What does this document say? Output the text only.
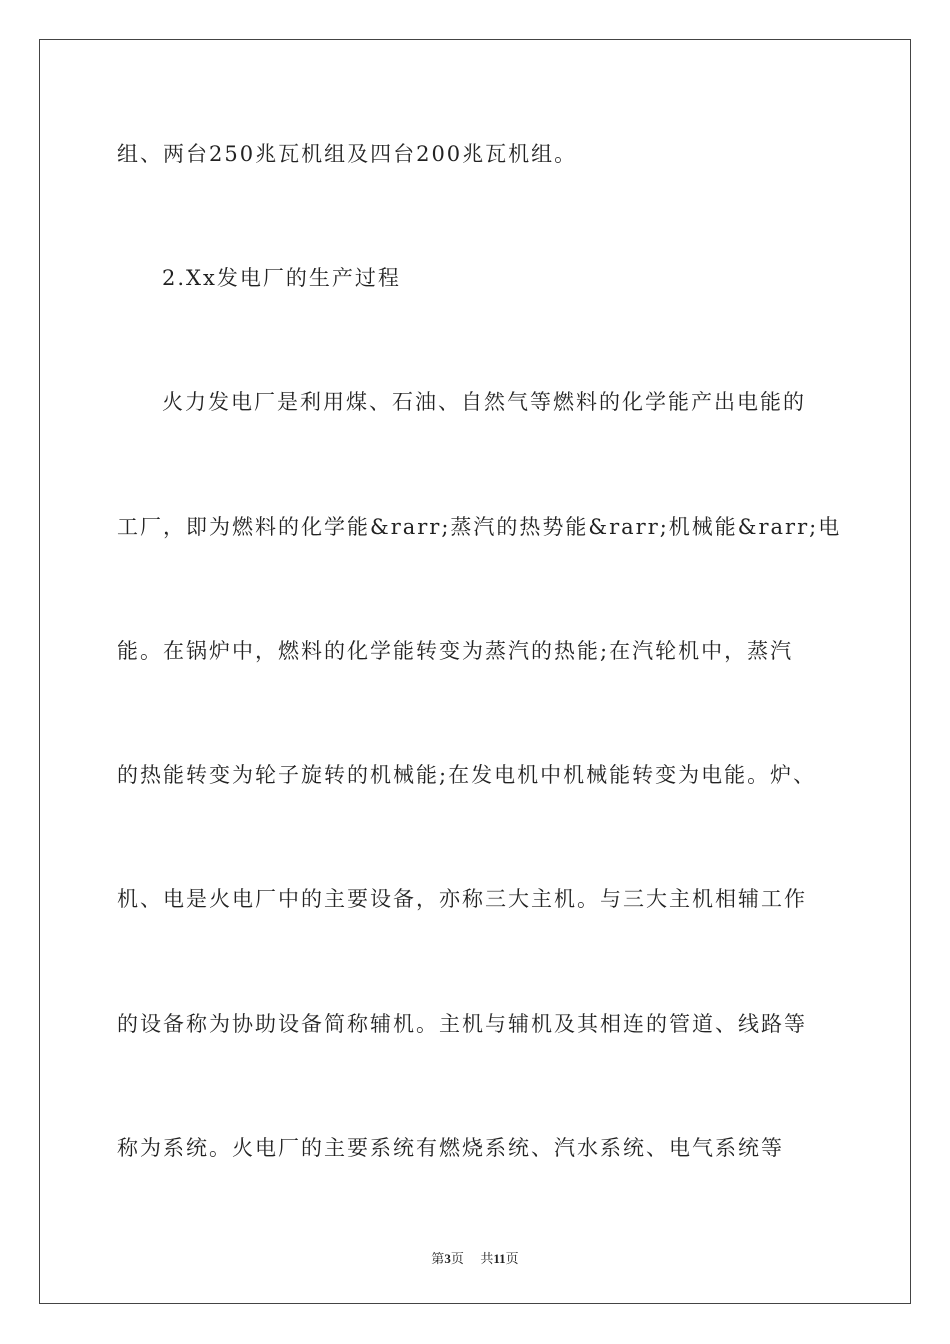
组、两台250兆瓦机组及四台200兆瓦机组。
2.Xx发电厂的生产过程
火力发电厂是利用煤、石油、自然气等燃料的化学能产出电能的
工厂，即为燃料的化学能&rarr;蒸汽的热势能&rarr;机械能&rarr;电
能。在锅炉中，燃料的化学能转变为蒸汽的热能;在汽轮机中，蒸汽
的热能转变为轮子旋转的机械能;在发电机中机械能转变为电能。炉、
机、电是火电厂中的主要设备，亦称三大主机。与三大主机相辅工作
的设备称为协助设备简称辅机。主机与辅机及其相连的管道、线路等
称为系统。火电厂的主要系统有燃烧系统、汽水系统、电气系统等
第3页 共11页
